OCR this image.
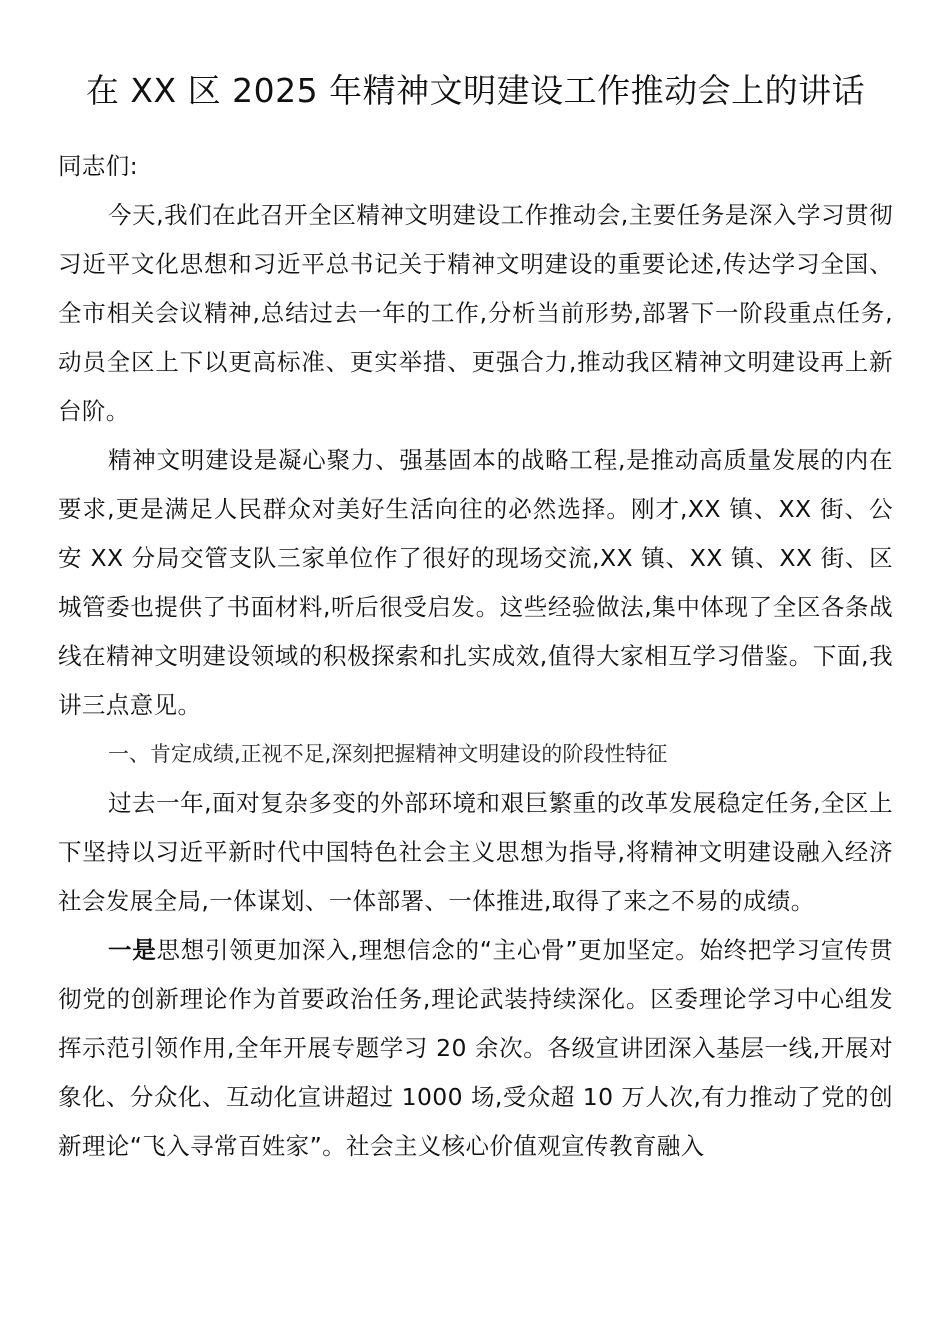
在 XX 区 2025 年精神文明建设工作推动会上的讲话

同志们:

今天,我们在此召开全区精神文明建设工作推动会,主要任务是深入学习贯彻习近平文化思想和习近平总书记关于精神文明建设的重要论述,传达学习全国、全市相关会议精神,总结过去一年的工作,分析当前形势,部署下一阶段重点任务,动员全区上下以更高标准、更实举措、更强合力,推动我区精神文明建设再上新台阶。

精神文明建设是凝心聚力、强基固本的战略工程,是推动高质量发展的内在要求,更是满足人民群众对美好生活向往的必然选择。刚才,XX 镇、XX 街、公安 XX 分局交管支队三家单位作了很好的现场交流,XX 镇、XX 镇、XX 街、区城管委也提供了书面材料,听后很受启发。这些经验做法,集中体现了全区各条战线在精神文明建设领域的积极探索和扎实成效,值得大家相互学习借鉴。下面,我讲三点意见。

一、肯定成绩,正视不足,深刻把握精神文明建设的阶段性特征

过去一年,面对复杂多变的外部环境和艰巨繁重的改革发展稳定任务,全区上下坚持以习近平新时代中国特色社会主义思想为指导,将精神文明建设融入经济社会发展全局,一体谋划、一体部署、一体推进,取得了来之不易的成绩。

一是思想引领更加深入,理想信念的“主心骨”更加坚定。始终把学习宣传贯彻党的创新理论作为首要政治任务,理论武装持续深化。区委理论学习中心组发挥示范引领作用,全年开展专题学习 20 余次。各级宣讲团深入基层一线,开展对象化、分众化、互动化宣讲超过 1000 场,受众超 10 万人次,有力推动了党的创新理论“飞入寻常百姓家”。社会主义核心价值观宣传教育融入
